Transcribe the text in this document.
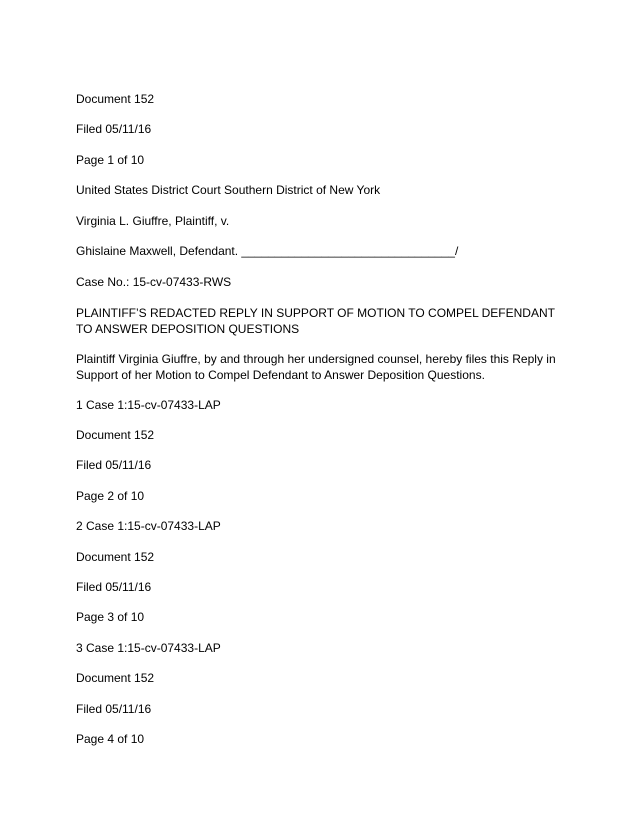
Document 152

Filed 05/11/16

Page 1 of 10

United States District Court Southern District of New York

Virginia L. Giuffre, Plaintiff, v.

Ghislaine Maxwell, Defendant. ________________________________/

Case No.: 15-cv-07433-RWS

PLAINTIFF’S REDACTED REPLY IN SUPPORT OF MOTION TO COMPEL DEFENDANT TO ANSWER DEPOSITION QUESTIONS

Plaintiff Virginia Giuffre, by and through her undersigned counsel, hereby files this Reply in Support of her Motion to Compel Defendant to Answer Deposition Questions.

1 Case 1:15-cv-07433-LAP

Document 152

Filed 05/11/16

Page 2 of 10

2 Case 1:15-cv-07433-LAP

Document 152

Filed 05/11/16

Page 3 of 10

3 Case 1:15-cv-07433-LAP

Document 152

Filed 05/11/16

Page 4 of 10
